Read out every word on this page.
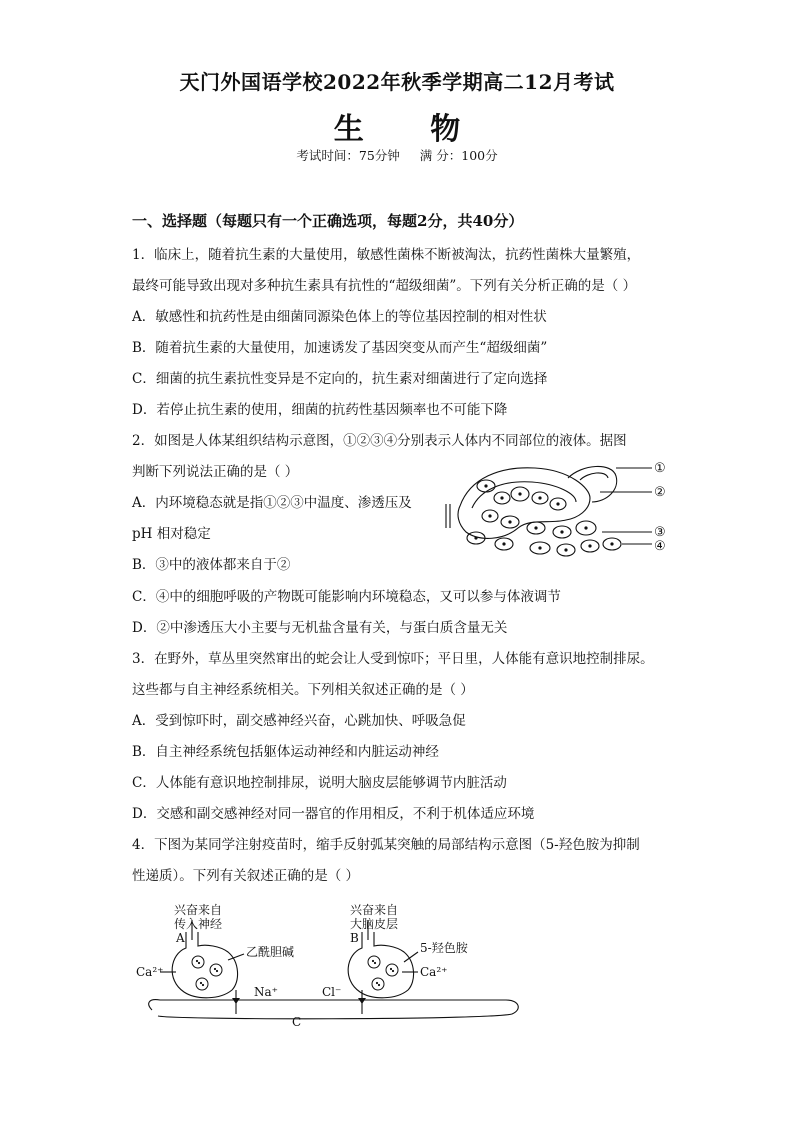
天门外国语学校2022年秋季学期高二12月考试
生 物
考试时间：75分钟 满 分：100分
一、选择题（每题只有一个正确选项，每题2分，共40分）
1．临床上，随着抗生素的大量使用，敏感性菌株不断被淘汰，抗药性菌株大量繁殖，
最终可能导致出现对多种抗生素具有抗性的“超级细菌”。下列有关分析正确的是（ ）
A．敏感性和抗药性是由细菌同源染色体上的等位基因控制的相对性状
B．随着抗生素的大量使用，加速诱发了基因突变从而产生“超级细菌”
C．细菌的抗生素抗性变异是不定向的，抗生素对细菌进行了定向选择
D．若停止抗生素的使用，细菌的抗药性基因频率也不可能下降
2．如图是人体某组织结构示意图，①②③④分别表示人体内不同部位的液体。据图
判断下列说法正确的是（ ）
A．内环境稳态就是指①②③中温度、渗透压及
pH 相对稳定
B．③中的液体都来自于②
C．④中的细胞呼吸的产物既可能影响内环境稳态，又可以参与体液调节
D．②中渗透压大小主要与无机盐含量有关，与蛋白质含量无关
①
②
③
④
3．在野外，草丛里突然窜出的蛇会让人受到惊吓；平日里，人体能有意识地控制排尿。
这些都与自主神经系统相关。下列相关叙述正确的是（ ）
A．受到惊吓时，副交感神经兴奋，心跳加快、呼吸急促
B．自主神经系统包括躯体运动神经和内脏运动神经
C．人体能有意识地控制排尿，说明大脑皮层能够调节内脏活动
D．交感和副交感神经对同一器官的作用相反，不利于机体适应环境
4．下图为某同学注射疫苗时，缩手反射弧某突触的局部结构示意图（5-羟色胺为抑制
性递质）。下列有关叙述正确的是（ ）
兴奋来自
传入神经
A
乙酰胆碱
Ca²⁺
Na⁺
兴奋来自
大脑皮层
B
5-羟色胺
Cl⁻
Ca²⁺
C
